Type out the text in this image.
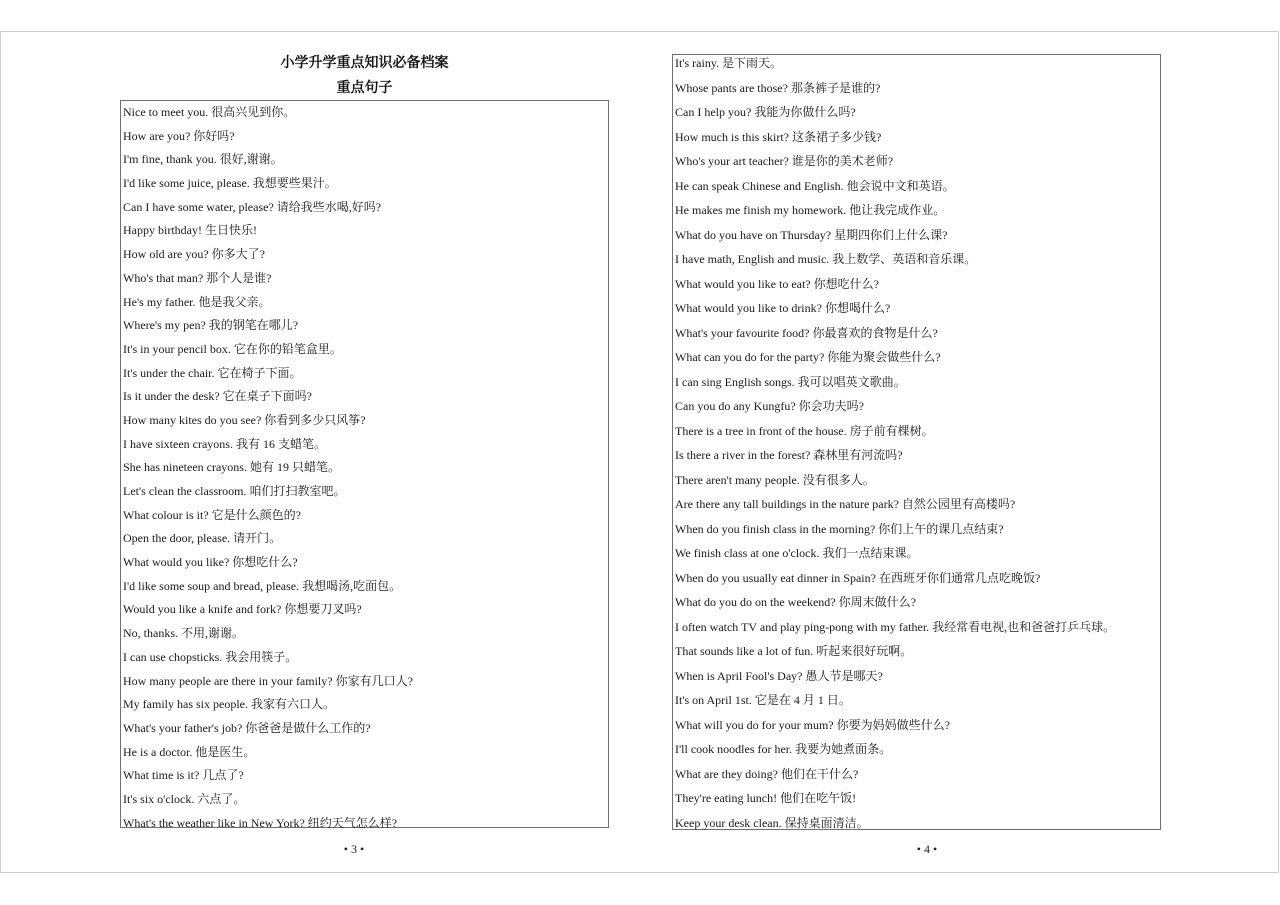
小学升学重点知识必备档案
重点句子
Nice to meet you. 很高兴见到你。
How are you? 你好吗?
I'm fine, thank you. 很好,谢谢。
I'd like some juice, please. 我想要些果汁。
Can I have some water, please? 请给我些水喝,好吗?
Happy birthday! 生日快乐!
How old are you? 你多大了?
Who's that man? 那个人是谁?
He's my father. 他是我父亲。
Where's my pen? 我的钢笔在哪儿?
It's in your pencil box. 它在你的铅笔盒里。
It's under the chair. 它在椅子下面。
Is it under the desk? 它在桌子下面吗?
How many kites do you see? 你看到多少只风筝?
I have sixteen crayons. 我有 16 支蜡笔。
She has nineteen crayons. 她有 19 只蜡笔。
Let's clean the classroom. 咱们打扫教室吧。
What colour is it? 它是什么颜色的?
Open the door, please. 请开门。
What would you like? 你想吃什么?
I'd like some soup and bread, please. 我想喝汤,吃面包。
Would you like a knife and fork? 你想要刀叉吗?
No, thanks. 不用,谢谢。
I can use chopsticks. 我会用筷子。
How many people are there in your family? 你家有几口人?
My family has six people. 我家有六口人。
What's your father's job? 你爸爸是做什么工作的?
He is a doctor. 他是医生。
What time is it? 几点了?
It's six o'clock. 六点了。
What's the weather like in New York? 纽约天气怎么样?
It's rainy. 是下雨天。
Whose pants are those? 那条裤子是谁的?
Can I help you? 我能为你做什么吗?
How much is this skirt? 这条裙子多少钱?
Who's your art teacher? 谁是你的美术老师?
He can speak Chinese and English. 他会说中文和英语。
He makes me finish my homework. 他让我完成作业。
What do you have on Thursday? 星期四你们上什么课?
I have math, English and music. 我上数学、英语和音乐课。
What would you like to eat? 你想吃什么?
What would you like to drink? 你想喝什么?
What's your favourite food? 你最喜欢的食物是什么?
What can you do for the party? 你能为聚会做些什么?
I can sing English songs. 我可以唱英文歌曲。
Can you do any Kungfu? 你会功夫吗?
There is a tree in front of the house. 房子前有棵树。
Is there a river in the forest? 森林里有河流吗?
There aren't many people. 没有很多人。
Are there any tall buildings in the nature park? 自然公园里有高楼吗?
When do you finish class in the morning? 你们上午的课几点结束?
We finish class at one o'clock. 我们一点结束课。
When do you usually eat dinner in Spain? 在西班牙你们通常几点吃晚饭?
What do you do on the weekend? 你周末做什么?
I often watch TV and play ping-pong with my father. 我经常看电视,也和爸爸打乒乓球。
That sounds like a lot of fun. 听起来很好玩啊。
When is April Fool's Day? 愚人节是哪天?
It's on April 1st. 它是在 4 月 1 日。
What will you do for your mum? 你要为妈妈做些什么?
I'll cook noodles for her. 我要为她煮面条。
What are they doing? 他们在干什么?
They're eating lunch! 他们在吃午饭!
Keep your desk clean. 保持桌面清洁。
• 3 •	• 4 •
